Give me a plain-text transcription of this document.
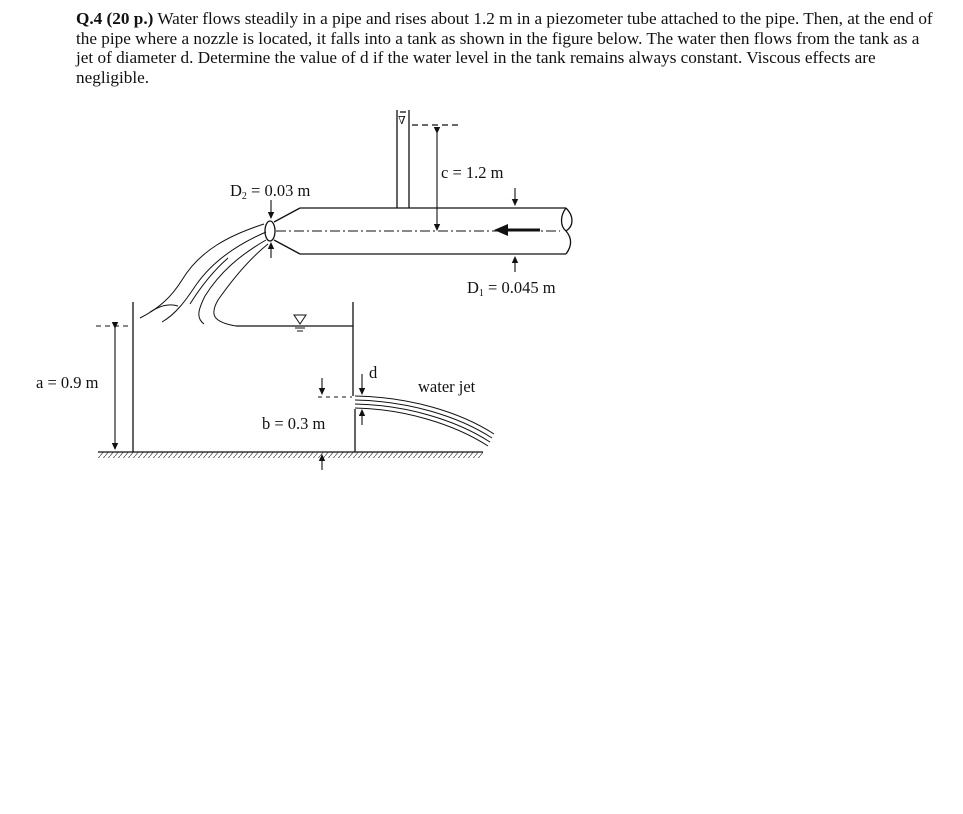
Q.4 (20 p.) Water flows steadily in a pipe and rises about 1.2 m in a piezometer tube attached to the pipe. Then, at the end of the pipe where a nozzle is located, it falls into a tank as shown in the figure below. The water then flows from the tank as a jet of diameter d. Determine the value of d if the water level in the tank remains always constant. Viscous effects are negligible.
∇
c = 1.2 m
D1 = 0.045 m
D2 = 0.03 m
a = 0.9 m
b = 0.3 m
d
water jet
